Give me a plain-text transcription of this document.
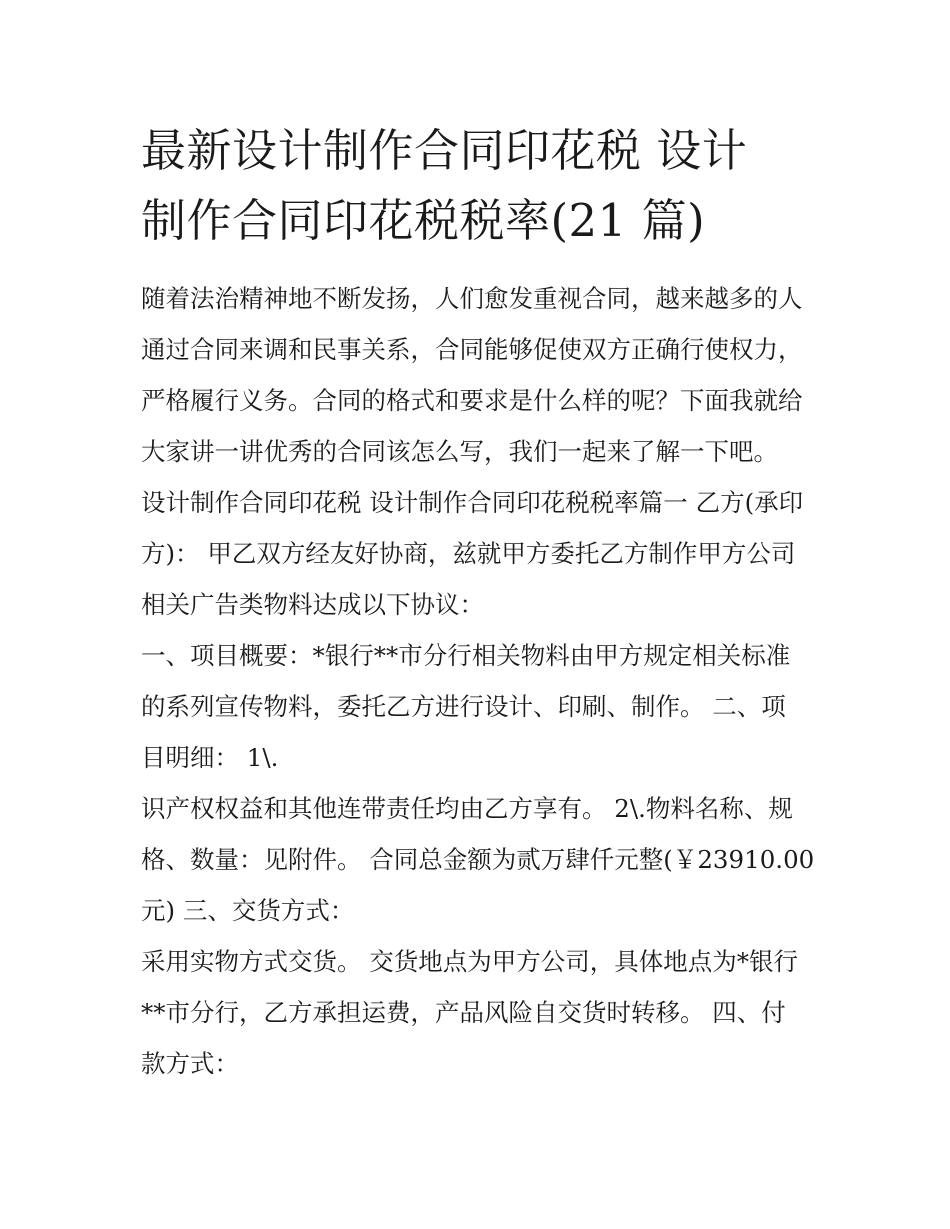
最新设计制作合同印花税 设计
制作合同印花税税率(21 篇)
随着法治精神地不断发扬，人们愈发重视合同，越来越多的人
通过合同来调和民事关系，合同能够促使双方正确行使权力，
严格履行义务。合同的格式和要求是什么样的呢？下面我就给
大家讲一讲优秀的合同该怎么写，我们一起来了解一下吧。
设计制作合同印花税 设计制作合同印花税税率篇一 乙方(承印
方)： 甲乙双方经友好协商，兹就甲方委托乙方制作甲方公司
相关广告类物料达成以下协议：
一、项目概要：*银行**市分行相关物料由甲方规定相关标准
的系列宣传物料，委托乙方进行设计、印刷、制作。 二、项
目明细： 1\.
识产权权益和其他连带责任均由乙方享有。 2\.物料名称、规
格、数量：见附件。 合同总金额为贰万肆仟元整(￥23910.00
元) 三、交货方式：
采用实物方式交货。 交货地点为甲方公司，具体地点为*银行
**市分行，乙方承担运费，产品风险自交货时转移。 四、付
款方式：
